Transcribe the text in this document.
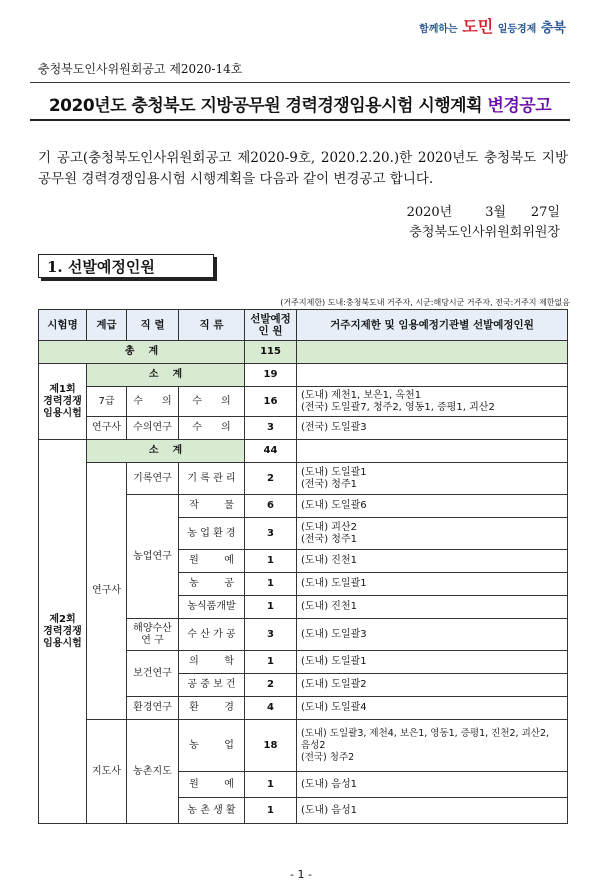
함께하는 도민 일등경제 충북
충청북도인사위원회공고 제2020-14호
2020년도 충청북도 지방공무원 경력경쟁임용시험 시행계획 변경공고

기 공고(충청북도인사위원회공고 제2020-9호, 2020.2.20.)한 2020년도 충청북도 지방공무원 경력경쟁임용시험 시행계획을 다음과 같이 변경공고 합니다.

2020년        3월      27일
충청북도인사위원회위원장
1. 선발예정인원
(거주지제한) 도내:충청북도내 거주자, 시군:해당시군 거주자, 전국:거주지 제한없음
시험명	계급	직 렬	직 류	선발예정
인 원	거주지제한 및 임용예정기관별 선발예정인원
총    계				115	
제1회
경력경쟁
임용시험	소    계			19	
	7급	수      의	수      의	16	(도내) 제천1, 보은1, 옥천1
(전국) 도일괄7, 청주2, 영동1, 증평1, 괴산2
	연구사	수의연구	수      의	3	(전국) 도일괄3
제2회
경력경쟁
임용시험	소    계			44	
	연구사	기록연구	기 록 관 리	2	(도내) 도일괄1
(전국) 청주1
		농업연구	작        물	6	(도내) 도일괄6
			농 업 환 경	3	(도내) 괴산2
(전국) 청주1
			원        예	1	(도내) 진천1
			농        공	1	(도내) 도일괄1
			농식품개발	1	(도내) 진천1
		해양수산
연 구	수 산 가 공	3	(도내) 도일괄3
		보건연구	의        학	1	(도내) 도일괄1
			공 중 보 건	2	(도내) 도일괄2
		환경연구	환        경	4	(도내) 도일괄4
	지도사	농촌지도	농        업	18	(도내) 도일괄3, 제천4, 보은1, 영동1, 증평1, 진천2, 괴산2,
음성2
(전국) 청주2
			원        예	1	(도내) 음성1
			농 촌 생 활	1	(도내) 음성1
- 1 -
